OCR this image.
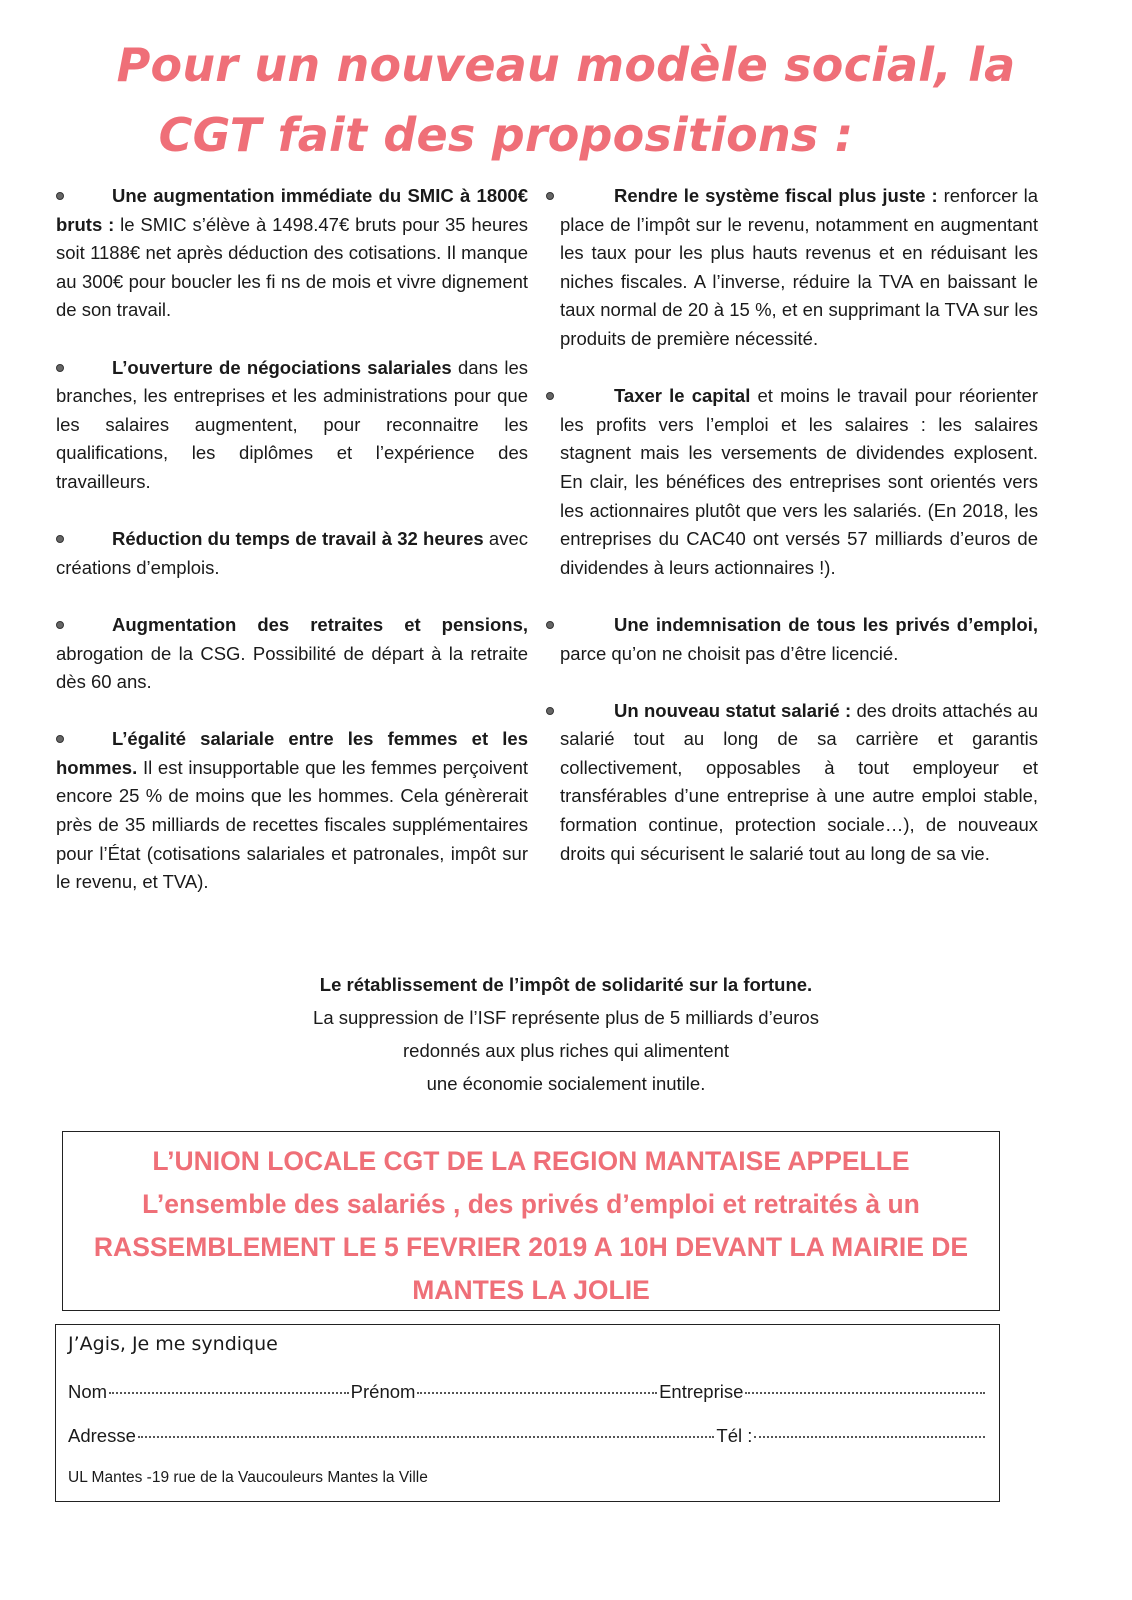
Pour un nouveau modèle social, la

CGT fait des propositions :

Une augmentation immédiate du SMIC à 1800€ bruts : le SMIC s’élève à 1498.47€ bruts pour 35 heures soit 1188€ net après déduction des cotisations. Il manque au 300€ pour boucler les fi ns de mois et vivre dignement de son travail.

L’ouverture de négociations salariales dans les branches, les entreprises et les administrations pour que les salaires augmentent, pour reconnaitre les qualifications, les diplômes et l’expérience des travailleurs.

Réduction du temps de travail à 32 heures avec créations d’emplois.

Augmentation des retraites et pensions, abrogation de la CSG. Possibilité de départ à la retraite dès 60 ans.

L’égalité salariale entre les femmes et les hommes. Il est insupportable que les femmes perçoivent encore 25 % de moins que les hommes. Cela génèrerait près de 35 milliards de recettes fiscales supplémentaires pour l’État (cotisations salariales et patronales, impôt sur le revenu, et TVA).

Rendre le système fiscal plus juste : renforcer la place de l’impôt sur le revenu, notamment en augmentant les taux pour les plus hauts revenus et en réduisant les niches fiscales. A l’inverse, réduire la TVA en baissant le taux normal de 20 à 15 %, et en supprimant la TVA sur les produits de première nécessité.

Taxer le capital et moins le travail pour réorienter les profits vers l’emploi et les salaires : les salaires stagnent mais les versements de dividendes explosent. En clair, les bénéfices des entreprises sont orientés vers les actionnaires plutôt que vers les salariés. (En 2018, les entreprises du CAC40 ont versés 57 milliards d’euros de dividendes à leurs actionnaires !).

Une indemnisation de tous les privés d’emploi, parce qu’on ne choisit pas d’être licencié.

Un nouveau statut salarié : des droits attachés au salarié tout au long de sa carrière et garantis collectivement, opposables à tout employeur et transférables d’une entreprise à une autre emploi stable, formation continue, protection sociale…), de nouveaux droits qui sécurisent le salarié tout au long de sa vie.

Le rétablissement de l’impôt de solidarité sur la fortune.
La suppression de l’ISF représente plus de 5 milliards d’euros
redonnés aux plus riches qui alimentent
une économie socialement inutile.
L’UNION LOCALE CGT DE LA REGION MANTAISE APPELLE
L’ensemble des salariés , des privés d’emploi et retraités à un
RASSEMBLEMENT LE 5 FEVRIER 2019 A 10H DEVANT LA MAIRIE DE
MANTES LA JOLIE
J’Agis, Je me syndique
Nom	Prénom	Entreprise
Adresse	Tél :
UL Mantes -19 rue de la Vaucouleurs Mantes la Ville
